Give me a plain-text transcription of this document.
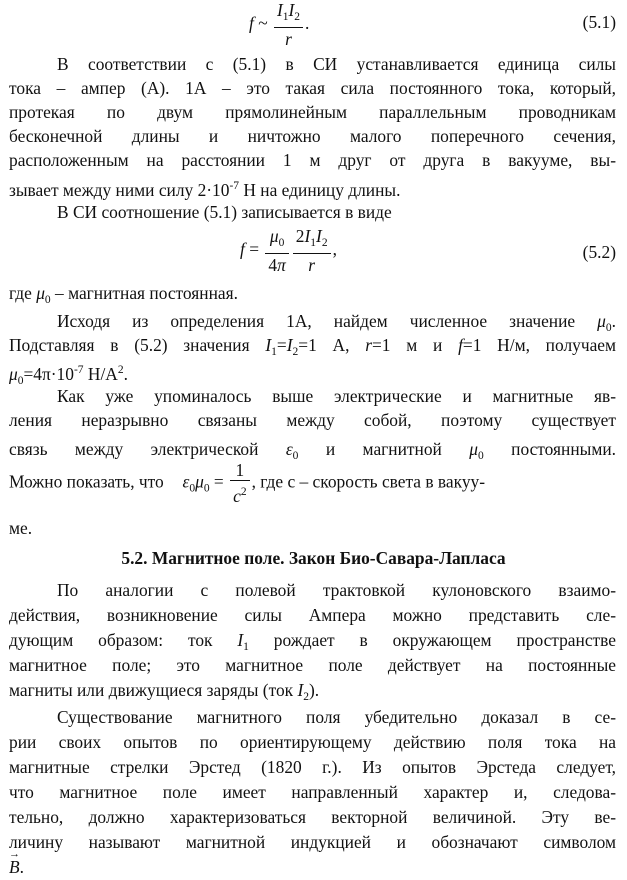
f ~ $\frac{I_1I_2}{r}$ .	(5.1)
В соответствии с (5.1) в СИ устанавливается единица силы
тока – ампер (А). 1А – это такая сила постоянного тока, который,
протекая по двум прямолинейным параллельным проводникам
бесконечной длины и ничтожно малого поперечного сечения,
расположенным на расстоянии 1 м друг от друга в вакууме, вы-
зывает между ними силу $2\cdot 10^{-7}$ Н на единицу длины.
В СИ соотношение (5.1) записывается в виде
$f = \frac{\mu_0}{4\pi} \frac{2I_1I_2}{r}$ ,	(5.2)
где $\mu_0$ – магнитная постоянная.
Исходя из определения 1А, найдем численное значение $\mu_0$.
Подставляя в (5.2) значения $I_1=I_2=1$ А, r=1 м и f=1 Н/м, получаем
$\mu_0=4\pi\cdot 10^{-7}$ $Н/А^2$.
Как уже упоминалось выше электрические и магнитные яв-
ления неразрывно связаны между собой, поэтому существует
связь между электрической $\varepsilon_0$ и магнитной $\mu_0$ постоянными.
Можно показать, что
$\varepsilon_0\mu_0 = \frac{1}{c^2}$ , где c – скорость света в вакуу-
ме.
5.2. Магнитное поле. Закон Био-Савара-Лапласа
По аналогии с полевой трактовкой кулоновского взаимо-
действия, возникновение силы Ампера можно представить сле-
дующим образом: ток $I_1$ рождает в окружающем пространстве
магнитное поле; это магнитное поле действует на постоянные
магниты или движущиеся заряды (ток $I_2$).
Существование магнитного поля убедительно доказал в се-
рии своих опытов по ориентирующему действию поля тока на
магнитные стрелки Эрстед (1820 г.). Из опытов Эрстеда следует,
что магнитное поле имеет направленный характер и, следова-
тельно, должно характеризоваться векторной величиной. Эту ве-
личину называют магнитной индукцией и обозначают символом
→ B.
